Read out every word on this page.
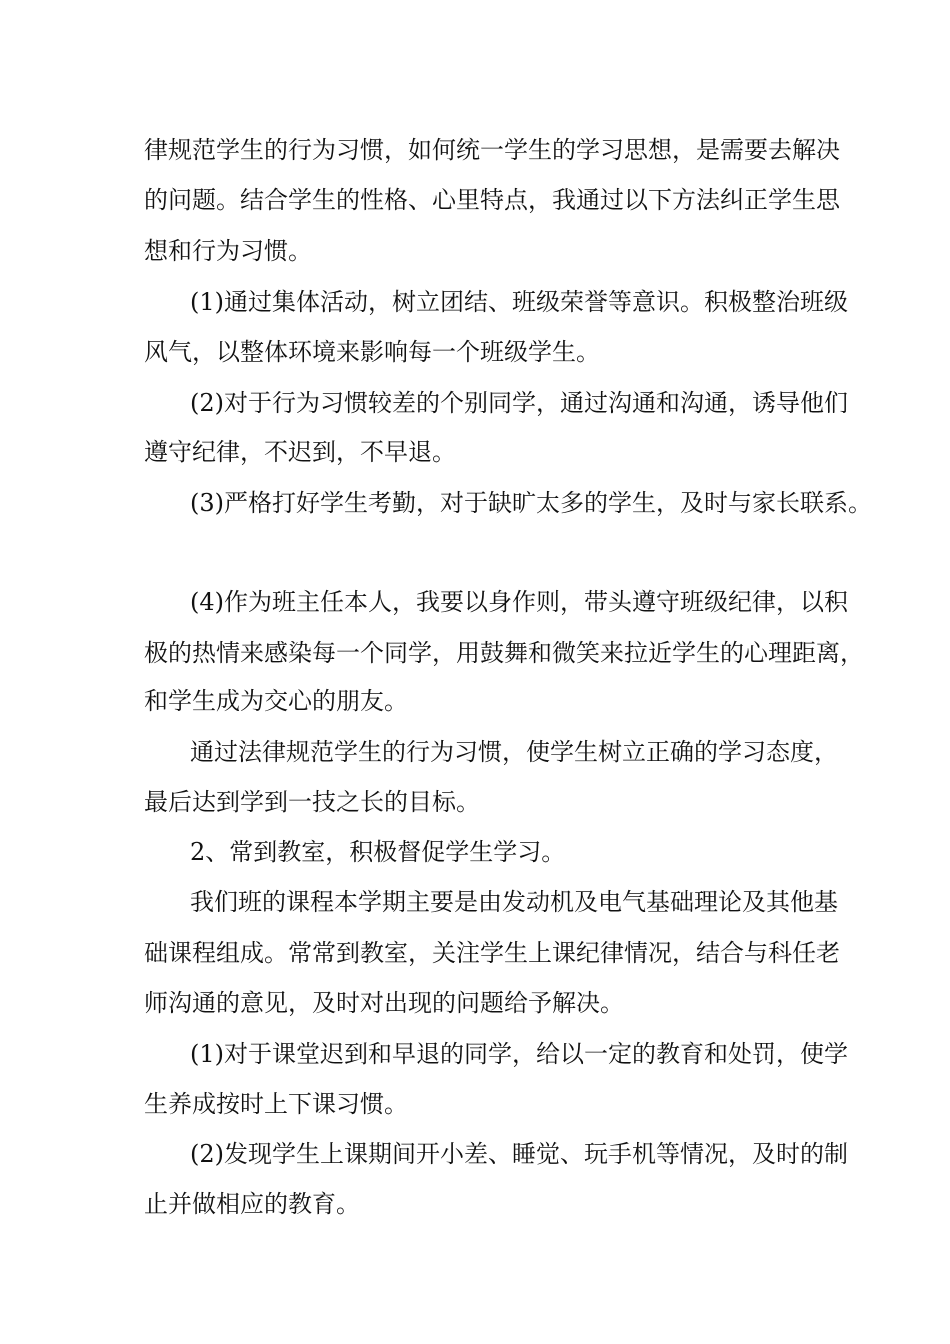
律规范学生的行为习惯，如何统一学生的学习思想，是需要去解决
的问题。结合学生的性格、心里特点，我通过以下方法纠正学生思
想和行为习惯。
(1)通过集体活动，树立团结、班级荣誉等意识。积极整治班级
风气，以整体环境来影响每一个班级学生。
(2)对于行为习惯较差的个别同学，通过沟通和沟通，诱导他们
遵守纪律，不迟到，不早退。
(3)严格打好学生考勤，对于缺旷太多的学生，及时与家长联系。
(4)作为班主任本人，我要以身作则，带头遵守班级纪律，以积
极的热情来感染每一个同学，用鼓舞和微笑来拉近学生的心理距离，
和学生成为交心的朋友。
通过法律规范学生的行为习惯，使学生树立正确的学习态度，
最后达到学到一技之长的目标。
2、常到教室，积极督促学生学习。
我们班的课程本学期主要是由发动机及电气基础理论及其他基
础课程组成。常常到教室，关注学生上课纪律情况，结合与科任老
师沟通的意见，及时对出现的问题给予解决。
(1)对于课堂迟到和早退的同学，给以一定的教育和处罚，使学
生养成按时上下课习惯。
(2)发现学生上课期间开小差、睡觉、玩手机等情况，及时的制
止并做相应的教育。
